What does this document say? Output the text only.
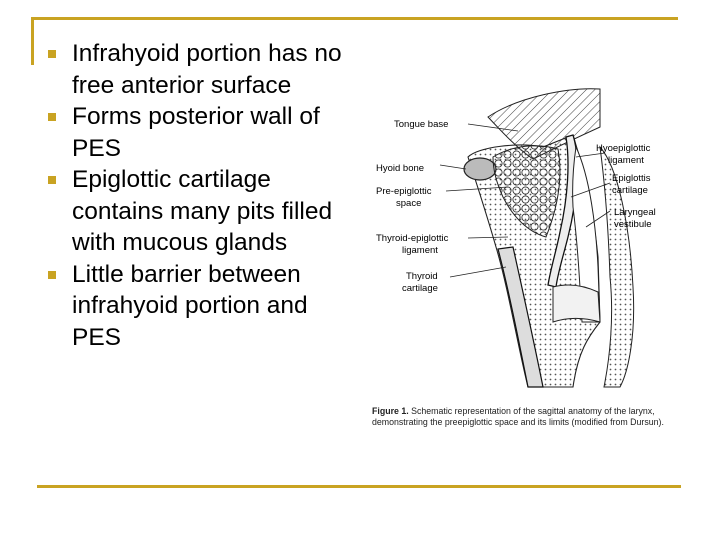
Infrahyoid portion has no free anterior surface
Forms posterior wall of PES
Epiglottic cartilage contains many pits filled with mucous glands
Little barrier between infrahyoid portion and PES
Tongue base
Hyoid bone
Pre-epiglottic
space
Thyroid-epiglottic
ligament
Thyroid
cartilage
Hyoepiglottic
ligament
Epiglottis
cartilage
Laryngeal
vestibule
Figure 1. Schematic representation of the sagittal anatomy of the larynx, demonstrating the preepiglottic space and its limits (modified from Dursun).
